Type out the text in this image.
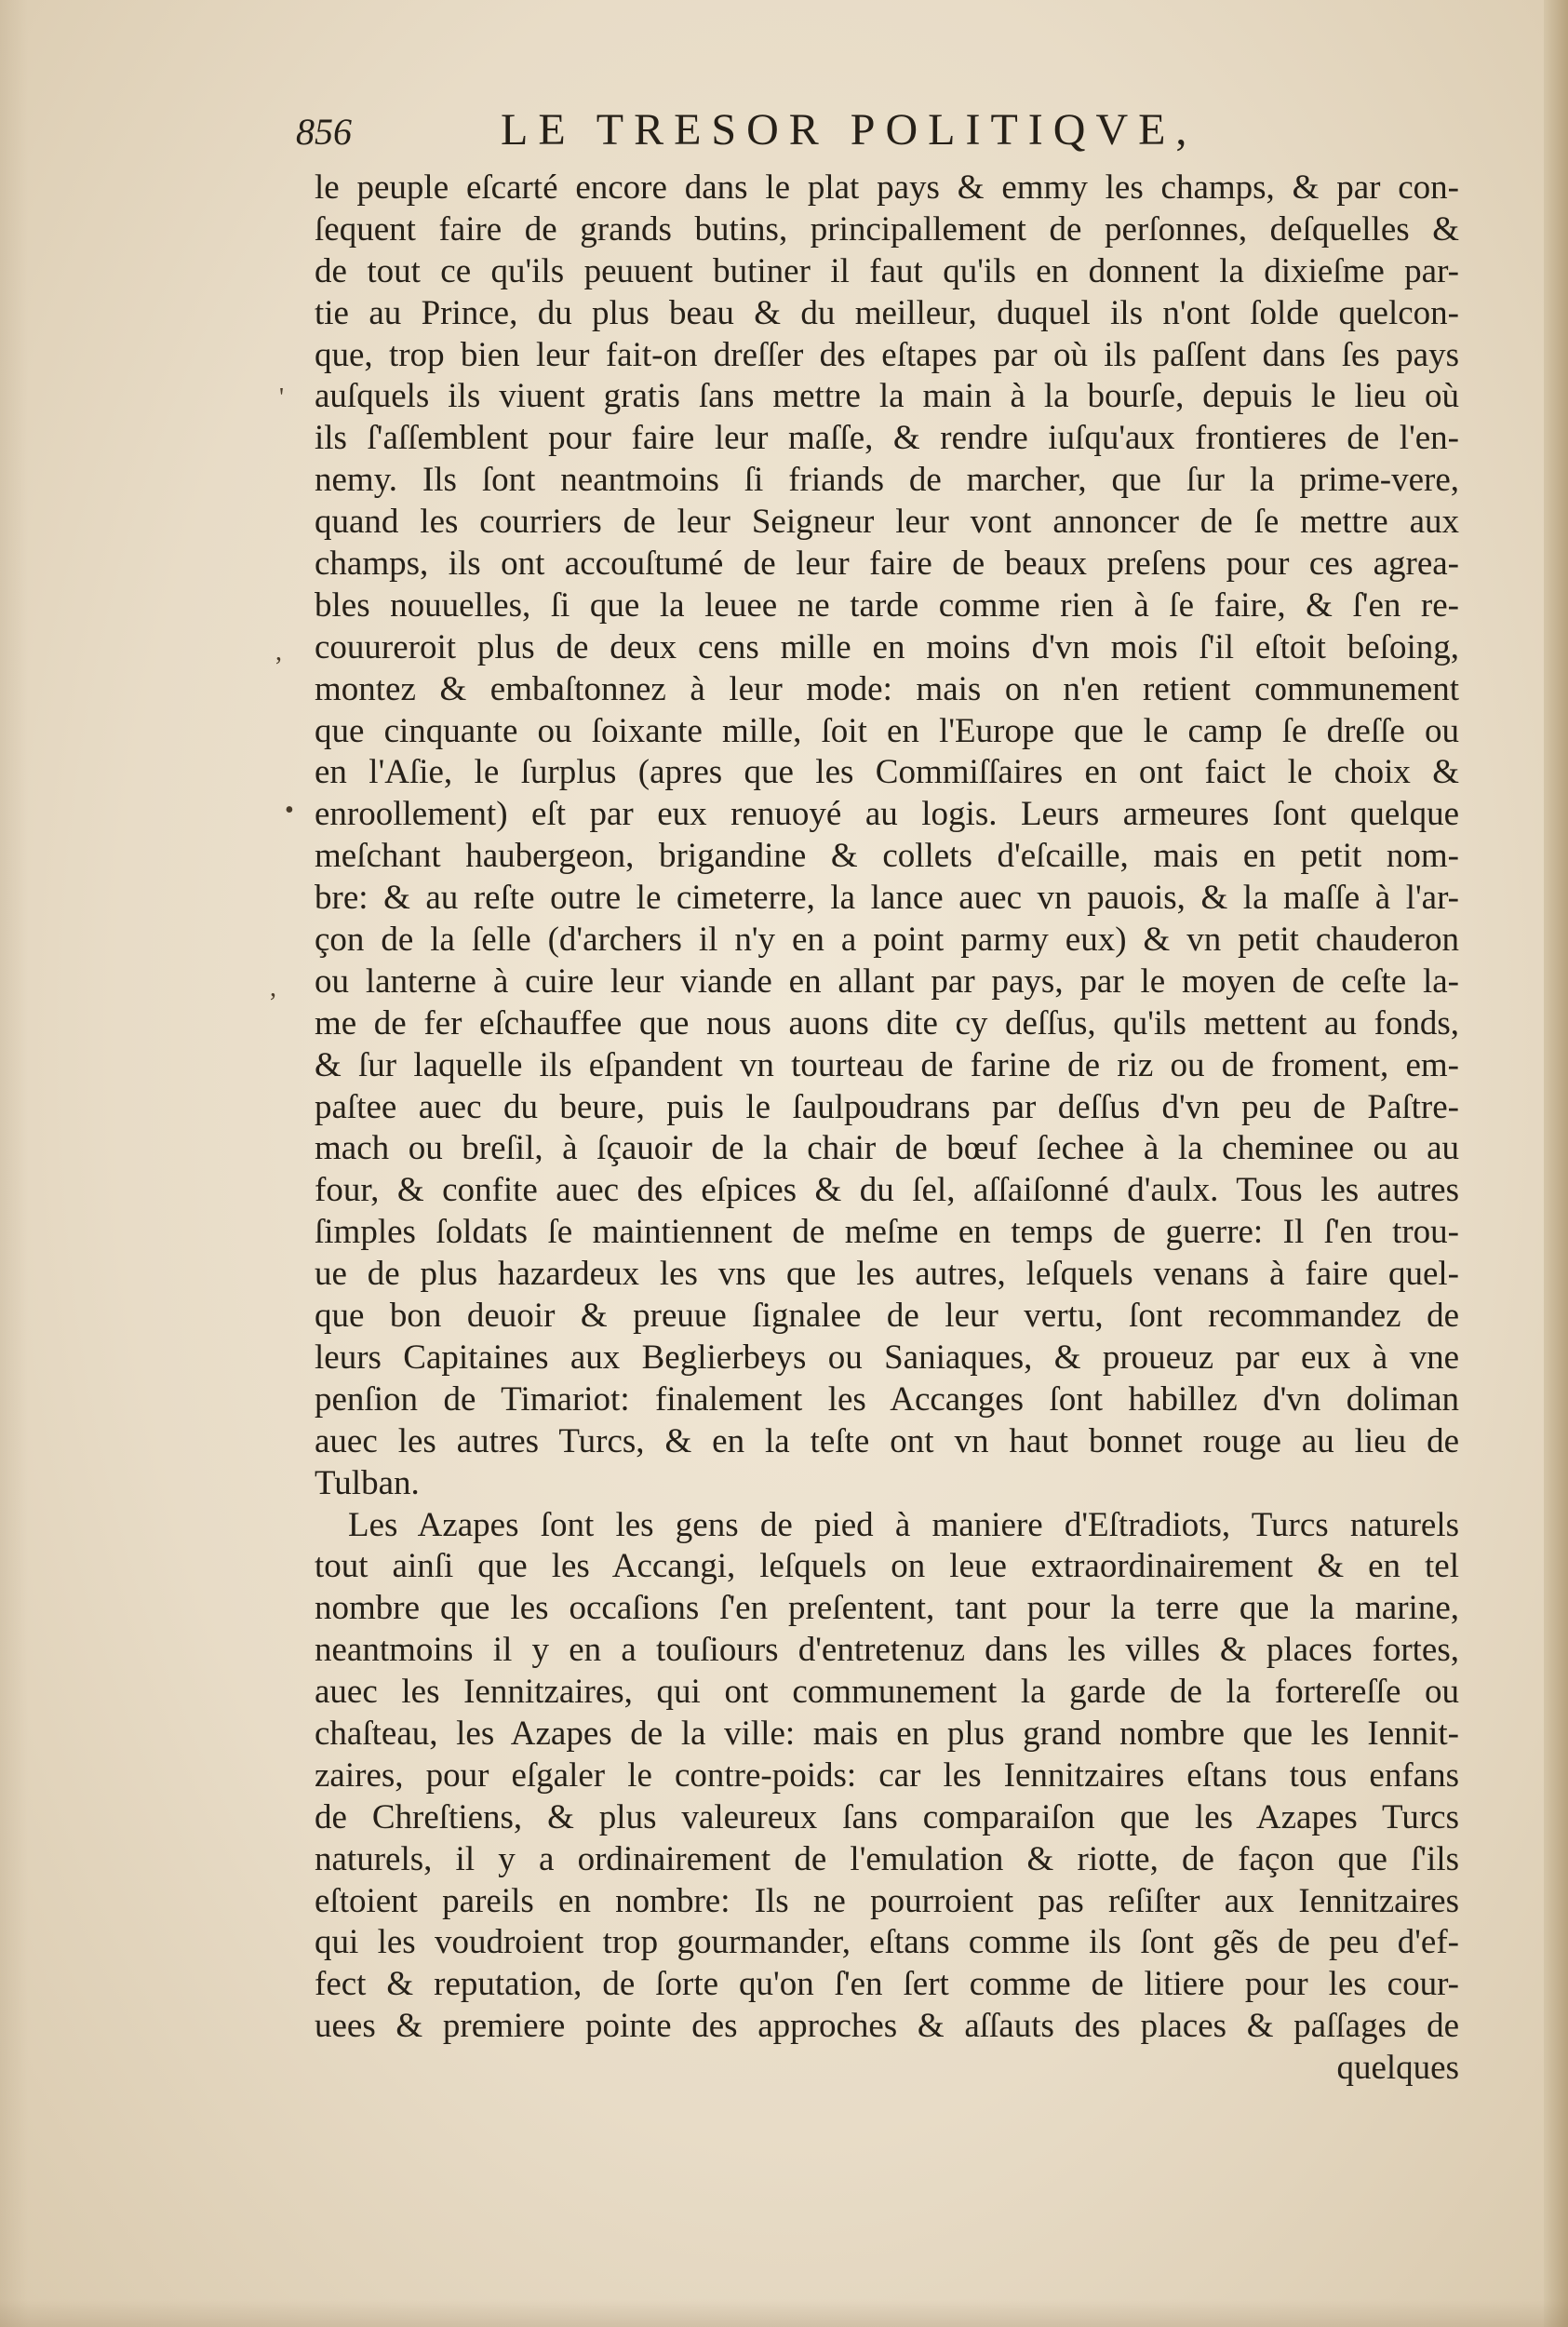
856	LE TRESOR POLITIQVE,
'
,
•
,
le peuple eſcarté encore dans le plat pays & emmy les champs, & par con-
ſequent faire de grands butins, principallement de perſonnes, deſquelles &
de tout ce qu'ils peuuent butiner il faut qu'ils en donnent la dixieſme par-
tie au Prince, du plus beau & du meilleur, duquel ils n'ont ſolde quelcon-
que, trop bien leur fait-on dreſſer des eſtapes par où ils paſſent dans ſes pays
auſquels ils viuent gratis ſans mettre la main à la bourſe, depuis le lieu où
ils ſ'aſſemblent pour faire leur maſſe, & rendre iuſqu'aux frontieres de l'en-
nemy. Ils ſont neantmoins ſi friands de marcher, que ſur la prime-vere,
quand les courriers de leur Seigneur leur vont annoncer de ſe mettre aux
champs, ils ont accouſtumé de leur faire de beaux preſens pour ces agrea-
bles nouuelles, ſi que la leuee ne tarde comme rien à ſe faire, & ſ'en re-
couureroit plus de deux cens mille en moins d'vn mois ſ'il eſtoit beſoing,
montez & embaſtonnez à leur mode: mais on n'en retient communement
que cinquante ou ſoixante mille, ſoit en l'Europe que le camp ſe dreſſe ou
en l'Aſie, le ſurplus (apres que les Commiſſaires en ont faict le choix &
enroollement) eſt par eux renuoyé au logis. Leurs armeures ſont quelque
meſchant haubergeon, brigandine & collets d'eſcaille, mais en petit nom-
bre: & au reſte outre le cimeterre, la lance auec vn pauois, & la maſſe à l'ar-
çon de la ſelle (d'archers il n'y en a point parmy eux) & vn petit chauderon
ou lanterne à cuire leur viande en allant par pays, par le moyen de ceſte la-
me de fer eſchauffee que nous auons dite cy deſſus, qu'ils mettent au fonds,
& ſur laquelle ils eſpandent vn tourteau de farine de riz ou de froment, em-
paſtee auec du beure, puis le ſaulpoudrans par deſſus d'vn peu de Paſtre-
mach ou breſil, à ſçauoir de la chair de bœuf ſechee à la cheminee ou au
four, & confite auec des eſpices & du ſel, aſſaiſonné d'aulx. Tous les autres
ſimples ſoldats ſe maintiennent de meſme en temps de guerre: Il ſ'en trou-
ue de plus hazardeux les vns que les autres, leſquels venans à faire quel-
que bon deuoir & preuue ſignalee de leur vertu, ſont recommandez de
leurs Capitaines aux Beglierbeys ou Saniaques, & proueuz par eux à vne
penſion de Timariot: finalement les Accanges ſont habillez d'vn doliman
auec les autres Turcs, & en la teſte ont vn haut bonnet rouge au lieu de
Tulban.
Les Azapes ſont les gens de pied à maniere d'Eſtradiots, Turcs naturels
tout ainſi que les Accangi, leſquels on leue extraordinairement & en tel
nombre que les occaſions ſ'en preſentent, tant pour la terre que la marine,
neantmoins il y en a touſiours d'entretenuz dans les villes & places fortes,
auec les Iennitzaires, qui ont communement la garde de la fortereſſe ou
chaſteau, les Azapes de la ville: mais en plus grand nombre que les Iennit-
zaires, pour eſgaler le contre-poids: car les Iennitzaires eſtans tous enfans
de Chreſtiens, & plus valeureux ſans comparaiſon que les Azapes Turcs
naturels, il y a ordinairement de l'emulation & riotte, de façon que ſ'ils
eſtoient pareils en nombre: Ils ne pourroient pas reſiſter aux Iennitzaires
qui les voudroient trop gourmander, eſtans comme ils ſont gẽs de peu d'ef-
fect & reputation, de ſorte qu'on ſ'en ſert comme de litiere pour les cour-
uees & premiere pointe des approches & aſſauts des places & paſſages de
quelques
